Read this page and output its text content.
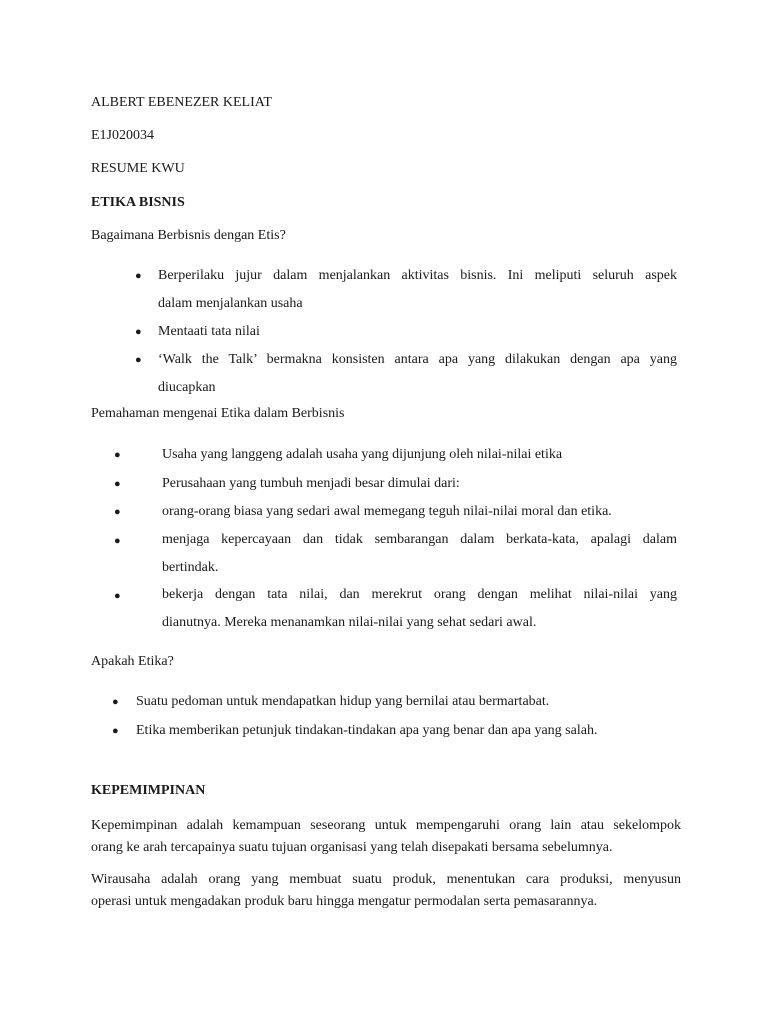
ALBERT EBENEZER KELIAT
E1J020034
RESUME KWU
ETIKA BISNIS
Bagaimana Berbisnis dengan Etis?
● Berperilaku jujur dalam menjalankan aktivitas bisnis. Ini meliputi seluruh aspek
dalam menjalankan usaha
● Mentaati tata nilai
● ‘Walk the Talk’ bermakna konsisten antara apa yang dilakukan dengan apa yang
diucapkan
Pemahaman mengenai Etika dalam Berbisnis
●	Usaha yang langgeng adalah usaha yang dijunjung oleh nilai-nilai etika
●	Perusahaan yang tumbuh menjadi besar dimulai dari:
●	orang-orang biasa yang sedari awal memegang teguh nilai-nilai moral dan etika.
●	menjaga kepercayaan dan tidak sembarangan dalam berkata-kata, apalagi dalam
bertindak.
●	bekerja dengan tata nilai, dan merekrut orang dengan melihat nilai-nilai yang
dianutnya. Mereka menanamkan nilai-nilai yang sehat sedari awal.
Apakah Etika?
● Suatu pedoman untuk mendapatkan hidup yang bernilai atau bermartabat.
● Etika memberikan petunjuk tindakan-tindakan apa yang benar dan apa yang salah.
KEPEMIMPINAN
Kepemimpinan adalah kemampuan seseorang untuk mempengaruhi orang lain atau sekelompok
orang ke arah tercapainya suatu tujuan organisasi yang telah disepakati bersama sebelumnya.
Wirausaha adalah orang yang membuat suatu produk, menentukan cara produksi, menyusun
operasi untuk mengadakan produk baru hingga mengatur permodalan serta pemasarannya.
